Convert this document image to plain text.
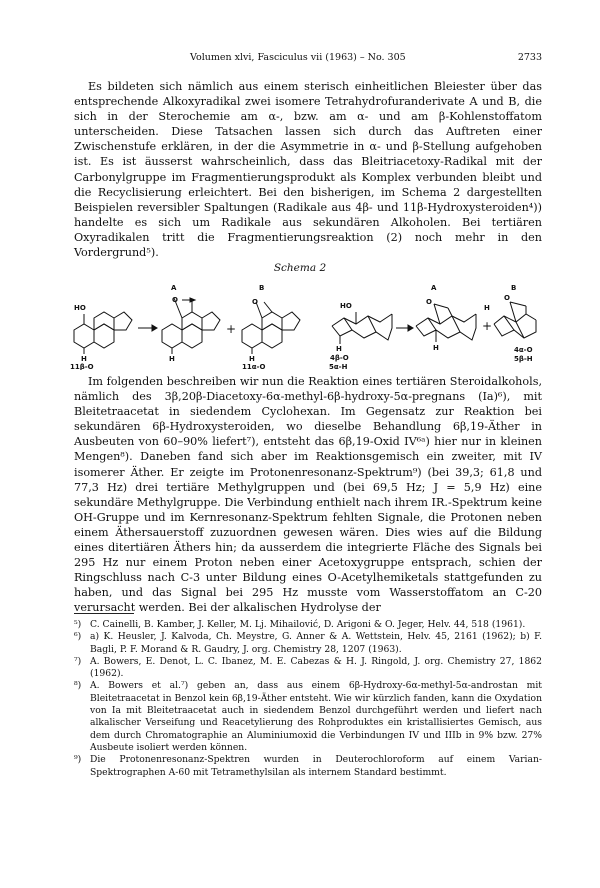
Volumen xlvi, Fasciculus vii (1963) – No. 305	2733

Es bildeten sich nämlich aus einem sterisch einheitlichen Bleiester über das entsprechende Alkoxyradikal zwei isomere Tetrahydrofuranderivate A und B, die sich in der Sterochemie am α-, bzw. am α- und am β-Kohlenstoffatom unterscheiden. Diese Tatsachen lassen sich durch das Auftreten einer Zwischenstufe erklären, in der die Asymmetrie in α- und β-Stellung aufgehoben ist. Es ist äusserst wahrscheinlich, dass das Bleitriacetoxy-Radikal mit der Carbonylgruppe im Fragmentierungsprodukt als Komplex verbunden bleibt und die Recyclisierung erleichtert. Bei den bisherigen, im Schema 2 dargestellten Beispielen reversibler Spaltungen (Radikale aus 4β- und 11β-Hydroxysteroiden⁴)) handelte es sich um Radikale aus sekundären Alkoholen. Bei tertiären Oxyradikalen tritt die Fragmentierungsreaktion (2) noch mehr in den Vordergrund⁵).

Schema 2
+	+
A	B
HO
O	O
H	H	H
11β-O	11α-O
A	B
HO	O
H	H
H
O
4β-O
5α-H
4α-O
5β-H

Im folgenden beschreiben wir nun die Reaktion eines tertiären Steroidalkohols, nämlich des 3β,20β-Diacetoxy-6α-methyl-6β-hydroxy-5α-pregnans (Ia)⁶), mit Bleitetraacetat in siedendem Cyclohexan. Im Gegensatz zur Reaktion bei sekundären 6β-Hydroxysteroiden, wo dieselbe Behandlung 6β,19-Äther in Ausbeuten von 60–90% liefert⁷), entsteht das 6β,19-Oxid IV⁶ᵃ) hier nur in kleinen Mengen⁸). Daneben fand sich aber im Reaktionsgemisch ein zweiter, mit IV isomerer Äther. Er zeigte im Protonenresonanz-Spektrum⁹) (bei 39,3; 61,8 und 77,3 Hz) drei tertiäre Methylgruppen und (bei 69,5 Hz; J = 5,9 Hz) eine sekundäre Methylgruppe. Die Verbindung enthielt nach ihrem IR.-Spektrum keine OH-Gruppe und im Kernresonanz-Spektrum fehlten Signale, die Protonen neben einem Äthersauerstoff zuzuordnen gewesen wären. Dies wies auf die Bildung eines ditertiären Äthers hin; da ausserdem die integrierte Fläche des Signals bei 295 Hz nur einem Proton neben einer Acetoxygruppe entsprach, schien der Ringschluss nach C-3 unter Bildung eines O-Acetylhemiketals stattgefunden zu haben, und das Signal bei 295 Hz musste vom Wasserstoffatom an C-20 verursacht werden. Bei der alkalischen Hydrolyse der

⁵) C. Cainelli, B. Kamber, J. Keller, M. Lj. Mihailović, D. Arigoni & O. Jeger, Helv. 44, 518 (1961).

⁶) a) K. Heusler, J. Kalvoda, Ch. Meystre, G. Anner & A. Wettstein, Helv. 45, 2161 (1962); b) F. Bagli, P. F. Morand & R. Gaudry, J. org. Chemistry 28, 1207 (1963).

⁷) A. Bowers, E. Denot, L. C. Ibanez, M. E. Cabezas & H. J. Ringold, J. org. Chemistry 27, 1862 (1962).

⁸) A. Bowers et al.⁷) geben an, dass aus einem 6β-Hydroxy-6α-methyl-5α-androstan mit Bleitetraacetat in Benzol kein 6β,19-Äther entsteht. Wie wir kürzlich fanden, kann die Oxydation von Ia mit Bleitetraacetat auch in siedendem Benzol durchgeführt werden und liefert nach alkalischer Verseifung und Reacetylierung des Rohproduktes ein kristallisiertes Gemisch, aus dem durch Chromatographie an Aluminiumoxid die Verbindungen IV und IIIb in 9% bzw. 27% Ausbeute isoliert werden können.

⁹) Die Protonenresonanz-Spektren wurden in Deuterochloroform auf einem Varian-Spektrographen A-60 mit Tetramethylsilan als internem Standard bestimmt.
